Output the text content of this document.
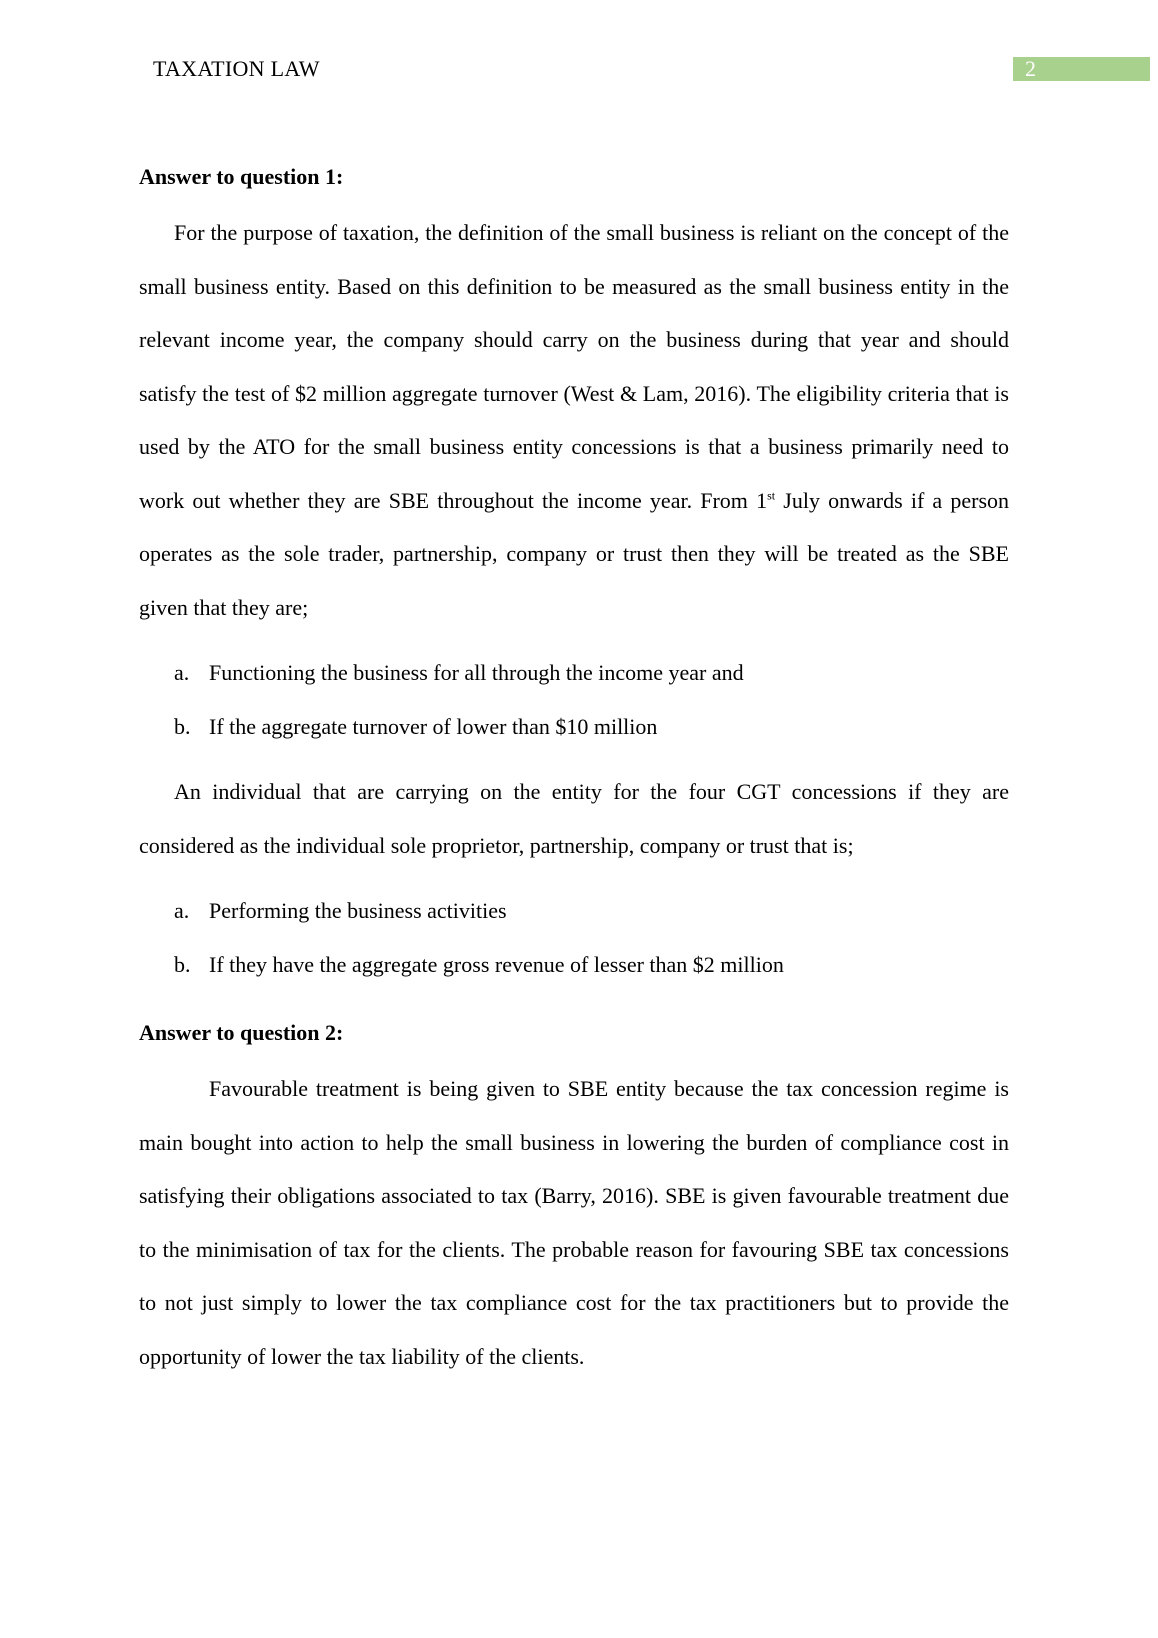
TAXATION LAW	2

Answer to question 1:

For the purpose of taxation, the definition of the small business is reliant on the concept of the small business entity. Based on this definition to be measured as the small business entity in the relevant income year, the company should carry on the business during that year and should satisfy the test of $2 million aggregate turnover (West & Lam, 2016). The eligibility criteria that is used by the ATO for the small business entity concessions is that a business primarily need to work out whether they are SBE throughout the income year. From 1st July onwards if a person operates as the sole trader, partnership, company or trust then they will be treated as the SBE given that they are;

a. Functioning the business for all through the income year and
b. If the aggregate turnover of lower than $10 million

An individual that are carrying on the entity for the four CGT concessions if they are considered as the individual sole proprietor, partnership, company or trust that is;

a. Performing the business activities
b. If they have the aggregate gross revenue of lesser than $2 million

Answer to question 2:

Favourable treatment is being given to SBE entity because the tax concession regime is main bought into action to help the small business in lowering the burden of compliance cost in satisfying their obligations associated to tax (Barry, 2016). SBE is given favourable treatment due to the minimisation of tax for the clients. The probable reason for favouring SBE tax concessions to not just simply to lower the tax compliance cost for the tax practitioners but to provide the opportunity of lower the tax liability of the clients.
